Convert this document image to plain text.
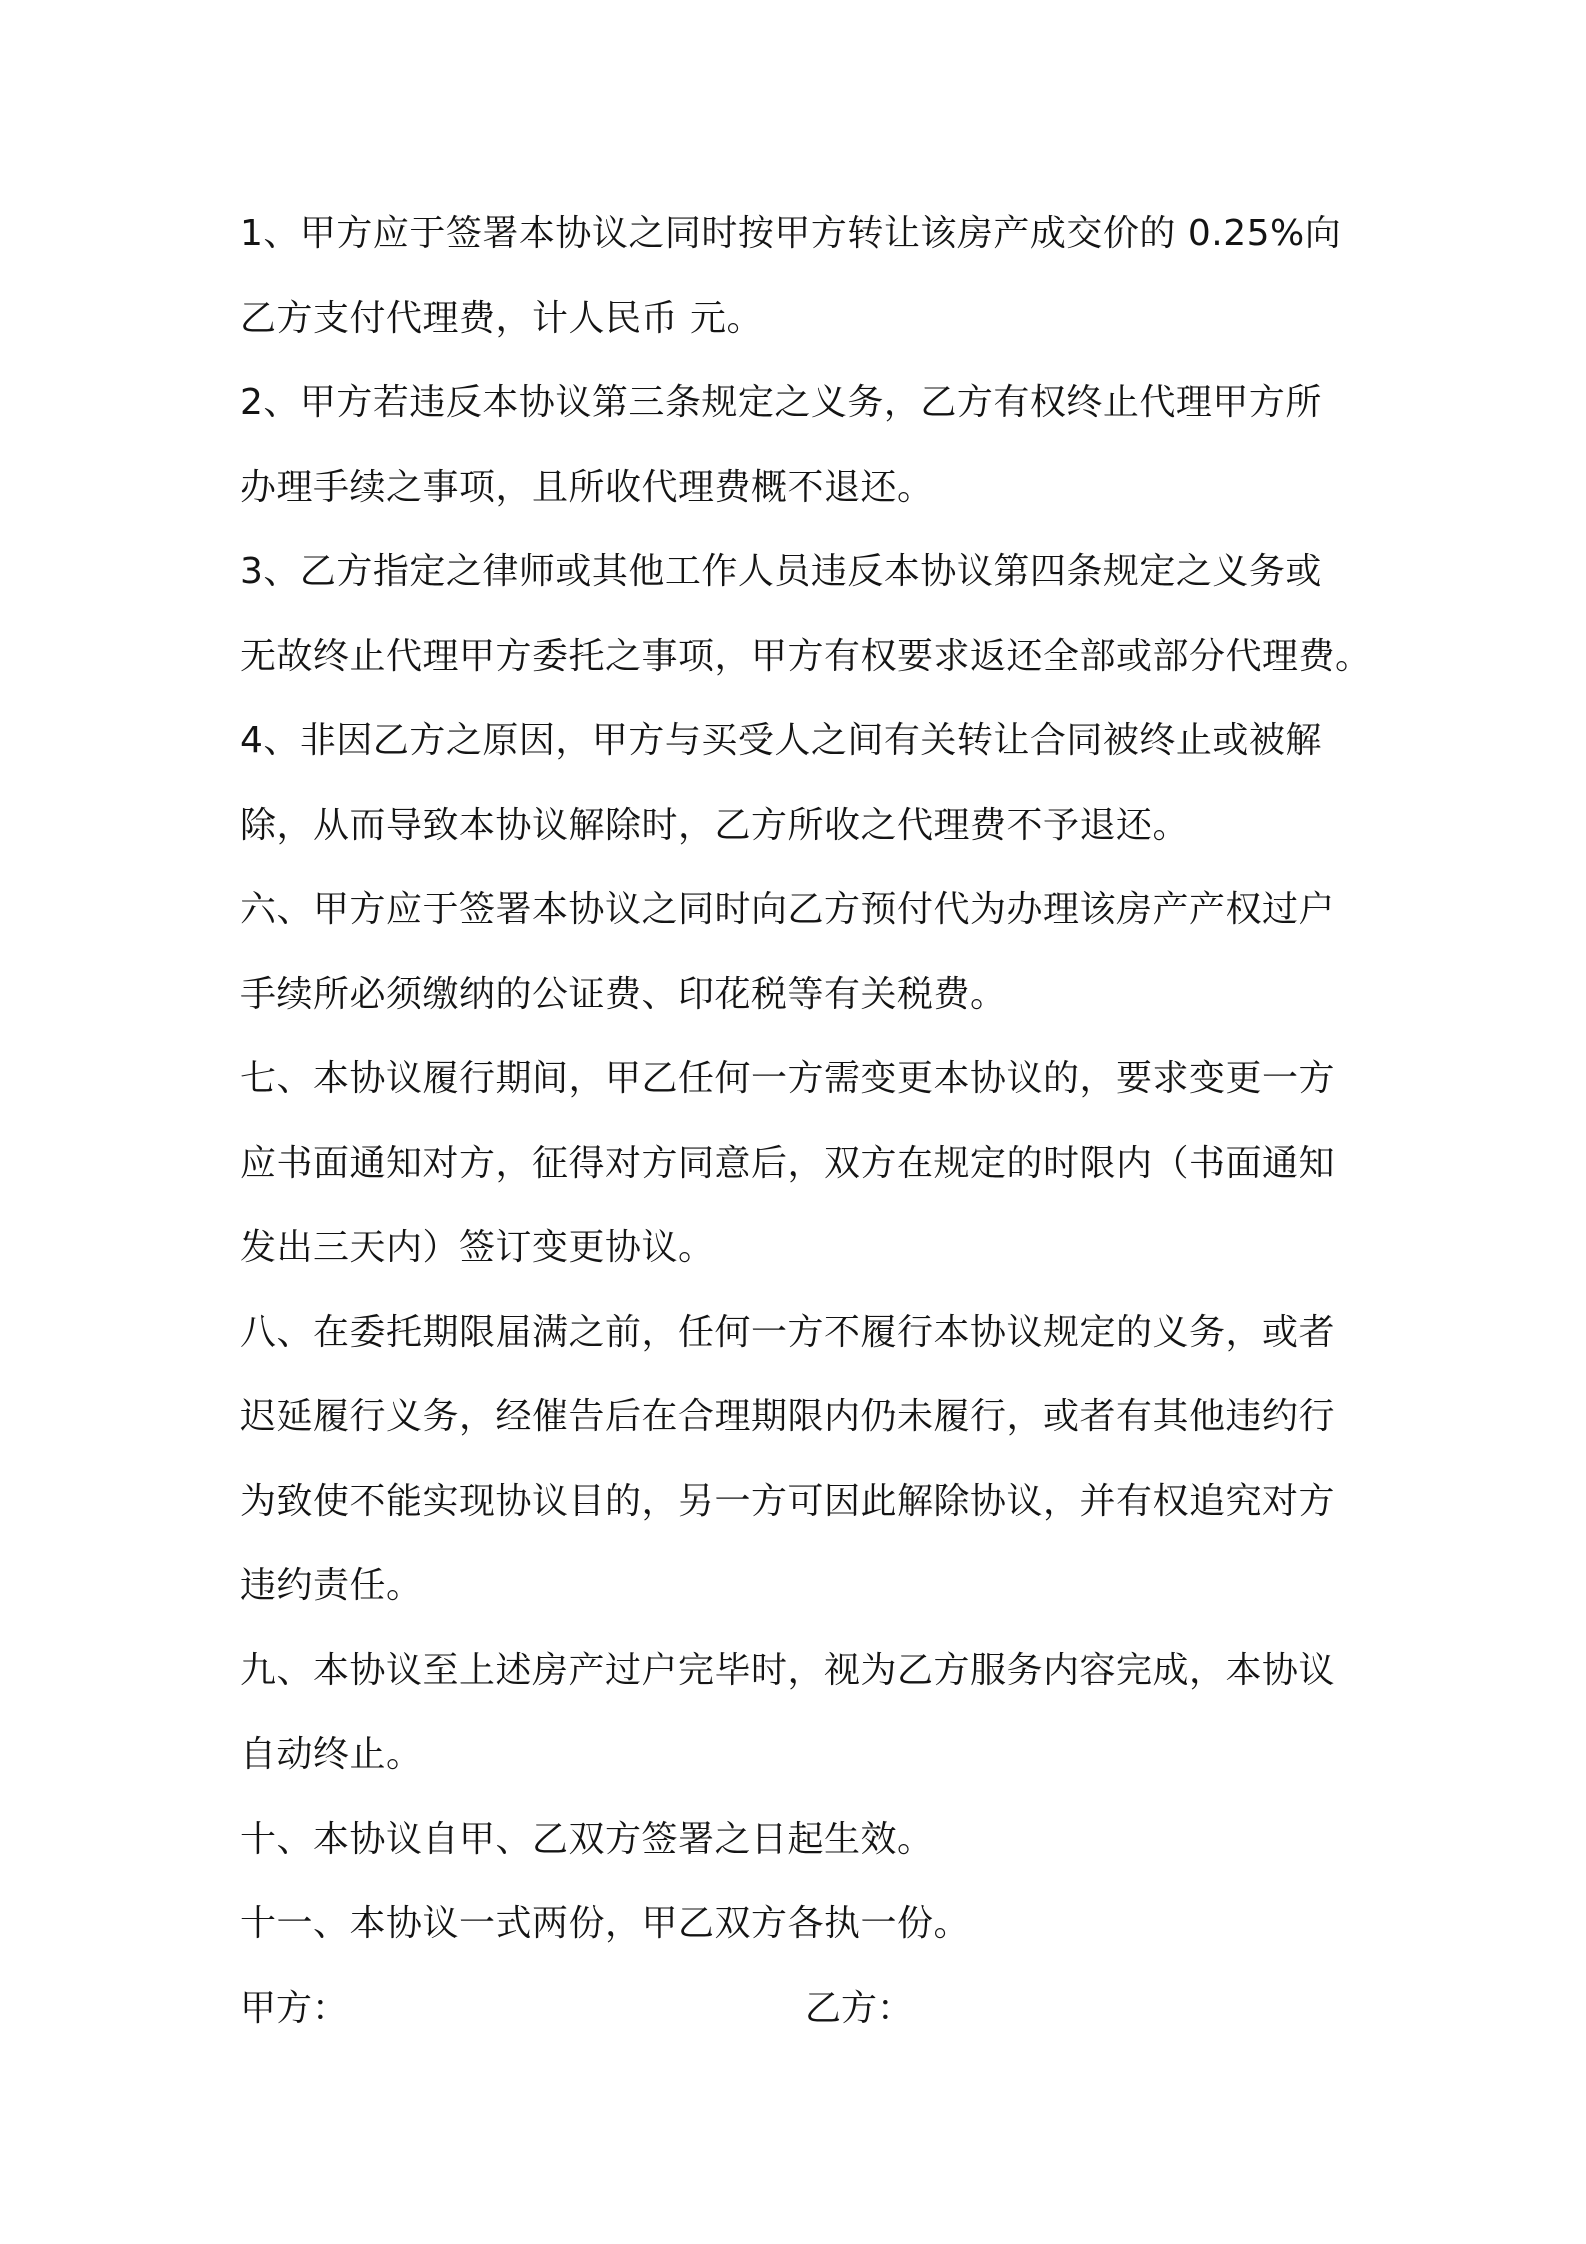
1、甲方应于签署本协议之同时按甲方转让该房产成交价的 0.25%向
乙方支付代理费，计人民币 元。
2、甲方若违反本协议第三条规定之义务，乙方有权终止代理甲方所
办理手续之事项，且所收代理费概不退还。
3、乙方指定之律师或其他工作人员违反本协议第四条规定之义务或
无故终止代理甲方委托之事项，甲方有权要求返还全部或部分代理费。
4、非因乙方之原因，甲方与买受人之间有关转让合同被终止或被解
除，从而导致本协议解除时，乙方所收之代理费不予退还。
六、甲方应于签署本协议之同时向乙方预付代为办理该房产产权过户
手续所必须缴纳的公证费、印花税等有关税费。
七、本协议履行期间，甲乙任何一方需变更本协议的，要求变更一方
应书面通知对方，征得对方同意后，双方在规定的时限内（书面通知
发出三天内）签订变更协议。
八、在委托期限届满之前，任何一方不履行本协议规定的义务，或者
迟延履行义务，经催告后在合理期限内仍未履行，或者有其他违约行
为致使不能实现协议目的，另一方可因此解除协议，并有权追究对方
违约责任。
九、本协议至上述房产过户完毕时，视为乙方服务内容完成，本协议
自动终止。
十、本协议自甲、乙双方签署之日起生效。
十一、本协议一式两份，甲乙双方各执一份。
甲方：	乙方：
